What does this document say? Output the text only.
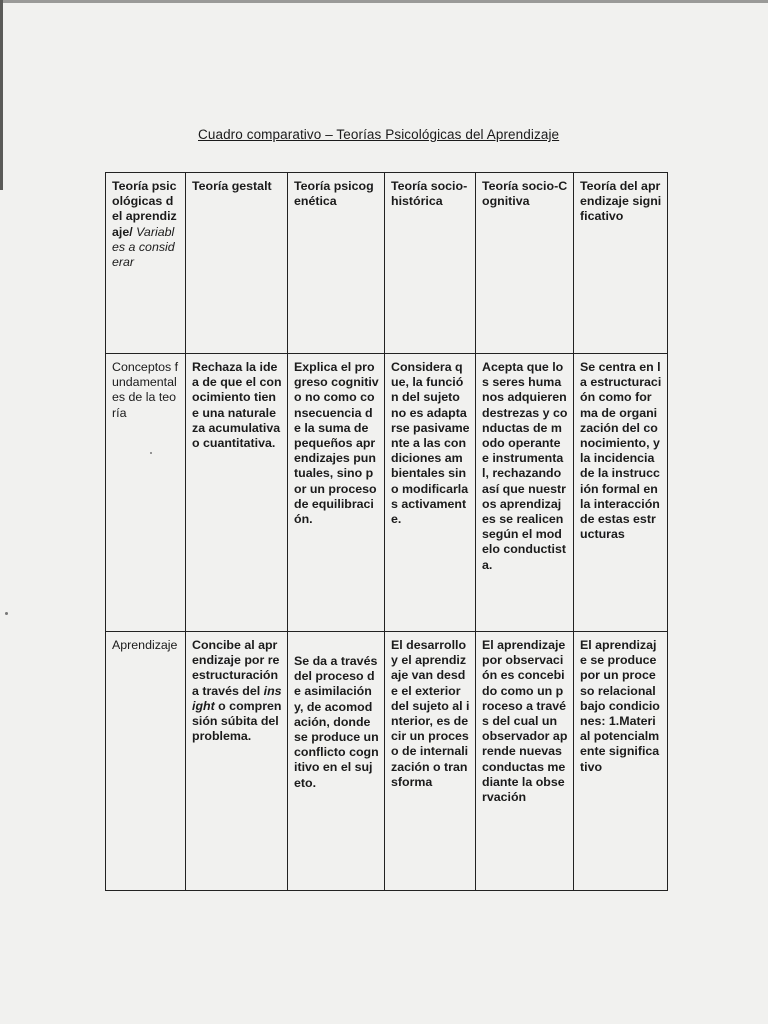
Cuadro comparativo – Teorías Psicológicas del Aprendizaje
Teoría psicológicas del aprendizaje/ Variables a considerar	Teoría gestalt	Teoría psicogenética	Teoría socio-histórica	Teoría socio-Cognitiva	Teoría del aprendizaje significativo
Conceptos fundamentales de la teoría	Rechaza la idea de que el conocimiento tiene una naturaleza acumulativa o cuantitativa.	Explica el progreso cognitivo no como consecuencia de la suma de pequeños aprendizajes puntuales, sino por un proceso de equilibración.	Considera que, la función del sujeto no es adaptarse pasivamente a las condiciones ambientales sino modificarlas activamente.	Acepta que los seres humanos adquieren destrezas y conductas de modo operante e instrumental, rechazando así que nuestros aprendizajes se realicen según el modelo conductista.	Se centra en la estructuración como forma de organización del conocimiento, y la incidencia de la instrucción formal en la interacción de estas estructuras
Aprendizaje	Concibe al aprendizaje por reestructuración a través del insight o comprensión súbita del problema.	Se da a través del proceso de asimilación y, de acomodación, donde se produce un conflicto cognitivo en el sujeto.	El desarrollo y el aprendizaje van desde el exterior del sujeto al interior, es decir un proceso de internalización o transforma	El aprendizaje por observación es concebido como un proceso a través del cual un observador aprende nuevas conductas mediante la observación	El aprendizaje se produce por un proceso relacional bajo condiciones: 1.Material potencialmente significativo
